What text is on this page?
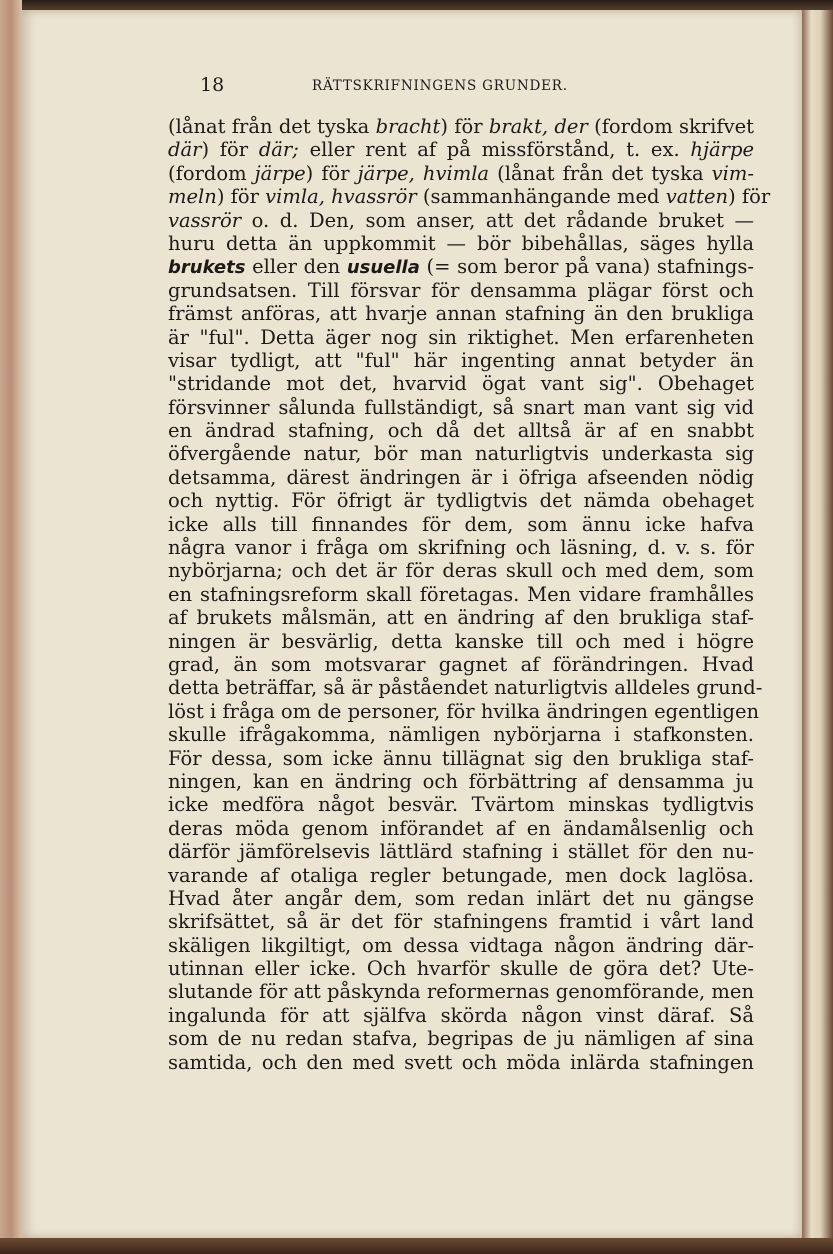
18	RÄTTSKRIFNINGENS GRUNDER.
(lånat från det tyska bracht) för brakt, der (fordom skrifvet
där) för där; eller rent af på missförstånd, t. ex. hjärpe
(fordom järpe) för järpe, hvimla (lånat från det tyska vim-
meln) för vimla, hvassrör (sammanhängande med vatten) för
vassrör o. d. Den, som anser, att det rådande bruket —
huru detta än uppkommit — bör bibehållas, säges hylla
brukets eller den usuella (= som beror på vana) stafnings-
grundsatsen. Till försvar för densamma plägar först och
främst anföras, att hvarje annan stafning än den brukliga
är "ful". Detta äger nog sin riktighet. Men erfarenheten
visar tydligt, att "ful" här ingenting annat betyder än
"stridande mot det, hvarvid ögat vant sig". Obehaget
försvinner sålunda fullständigt, så snart man vant sig vid
en ändrad stafning, och då det alltså är af en snabbt
öfvergående natur, bör man naturligtvis underkasta sig
detsamma, därest ändringen är i öfriga afseenden nödig
och nyttig. För öfrigt är tydligtvis det nämda obehaget
icke alls till finnandes för dem, som ännu icke hafva
några vanor i fråga om skrifning och läsning, d. v. s. för
nybörjarna; och det är för deras skull och med dem, som
en stafningsreform skall företagas. Men vidare framhålles
af brukets målsmän, att en ändring af den brukliga staf-
ningen är besvärlig, detta kanske till och med i högre
grad, än som motsvarar gagnet af förändringen. Hvad
detta beträffar, så är påståendet naturligtvis alldeles grund-
löst i fråga om de personer, för hvilka ändringen egentligen
skulle ifrågakomma, nämligen nybörjarna i stafkonsten.
För dessa, som icke ännu tillägnat sig den brukliga staf-
ningen, kan en ändring och förbättring af densamma ju
icke medföra något besvär. Tvärtom minskas tydligtvis
deras möda genom införandet af en ändamålsenlig och
därför jämförelsevis lättlärd stafning i stället för den nu-
varande af otaliga regler betungade, men dock laglösa.
Hvad åter angår dem, som redan inlärt det nu gängse
skrifsättet, så är det för stafningens framtid i vårt land
skäligen likgiltigt, om dessa vidtaga någon ändring där-
utinnan eller icke. Och hvarför skulle de göra det? Ute-
slutande för att påskynda reformernas genomförande, men
ingalunda för att själfva skörda någon vinst däraf. Så
som de nu redan stafva, begripas de ju nämligen af sina
samtida, och den med svett och möda inlärda stafningen
